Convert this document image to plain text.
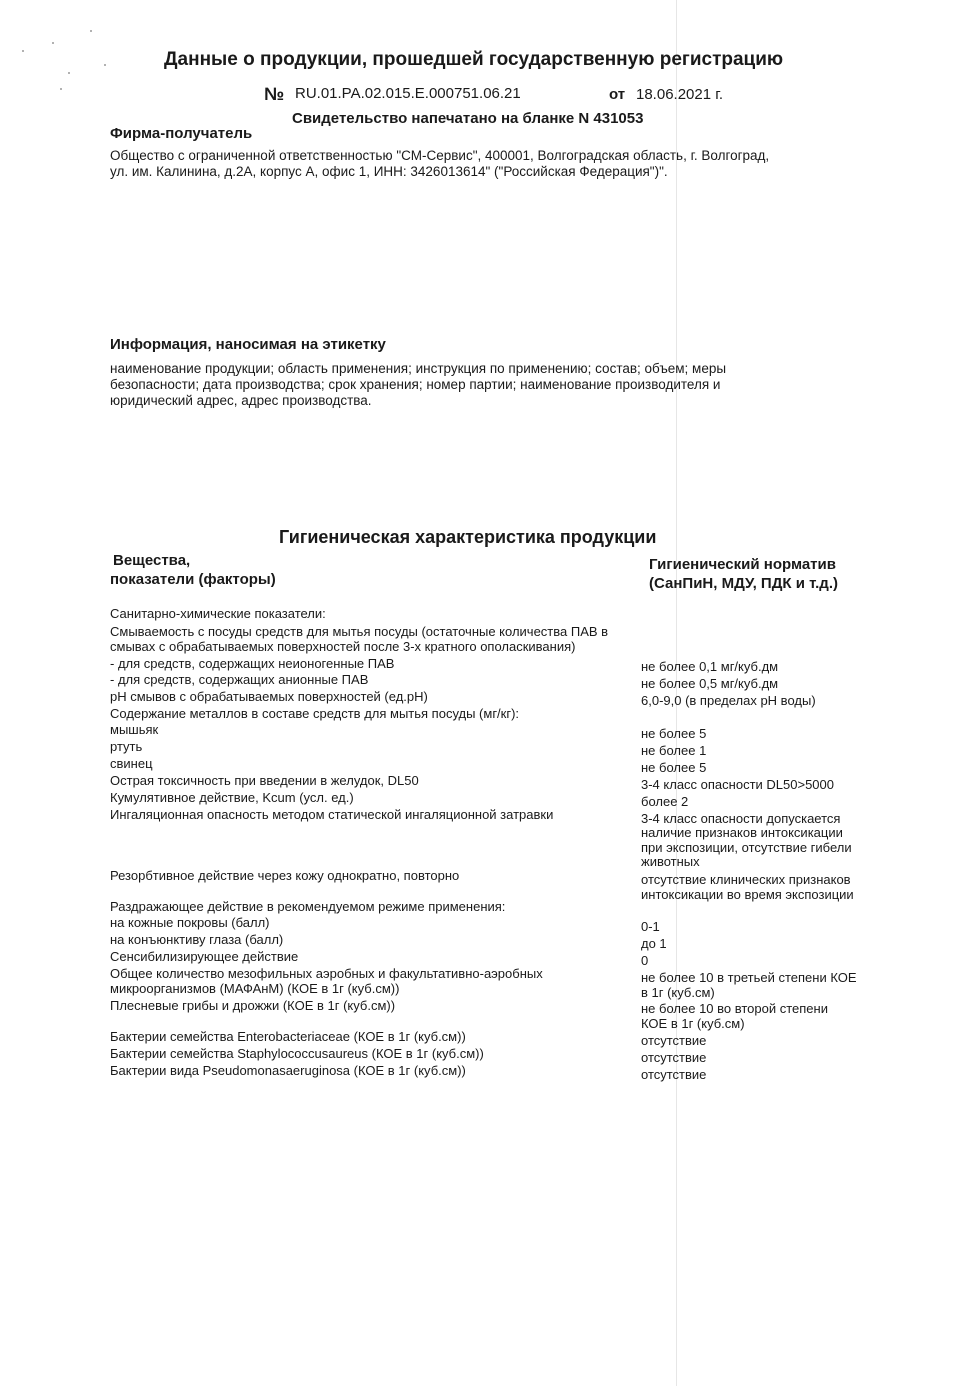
Данные о продукции, прошедшей государственную регистрацию
№ RU.01.PA.02.015.E.000751.06.21	от 18.06.2021 г.
Свидетельство напечатано на бланке N 431053
Фирма-получатель
Общество с ограниченной ответственностью "СМ-Сервис", 400001, Волгоградская область, г. Волгоград,
ул. им. Калинина, д.2А, корпус А, офис 1, ИНН: 3426013614" ("Российская Федерация")".
Информация, наносимая на этикетку
наименование продукции; область применения; инструкция по применению; состав; объем; меры
безопасности; дата производства; срок хранения; номер партии; наименование производителя и
юридический адрес, адрес производства.
Гигиеническая характеристика продукции
Вещества,
показатели (факторы)
Гигиенический норматив
(СанПиН, МДУ, ПДК и т.д.)
Санитарно-химические показатели:
Смываемость с посуды средств для мытья посуды (остаточные количества ПАВ в
смывах с обрабатываемых поверхностей после 3-х кратного ополаскивания)
- для средств, содержащих неионогенные ПАВ
- для средств, содержащих анионные ПАВ
pH смывов с обрабатываемых поверхностей (ед.pH)
Содержание металлов в составе средств для мытья посуды (мг/кг):
мышьяк
ртуть
свинец
Острая токсичность при введении в желудок, DL50
Кумулятивное действие, Kcum (усл. ед.)
Ингаляционная опасность методом статической ингаляционной затравки
Резорбтивное действие через кожу однократно, повторно
Раздражающее действие в рекомендуемом режиме применения:
на кожные покровы (балл)
на конъюнктиву глаза (балл)
Сенсибилизирующее действие
Общее количество мезофильных аэробных и факультативно-аэробных
микроорганизмов (МАФАнМ) (КОЕ в 1г (куб.см))
Плесневые грибы и дрожжи (КОЕ в 1г (куб.см))
Бактерии семейства Enterobacteriaceae (КОЕ в 1г (куб.см))
Бактерии семейства Staphylococcusaureus (КОЕ в 1г (куб.см))
Бактерии вида Pseudomonasaeruginosa (КОЕ в 1г (куб.см))
не более 0,1 мг/куб.дм
не более 0,5 мг/куб.дм
6,0-9,0 (в пределах pH воды)
не более 5
не более 1
не более 5
3-4 класс опасности DL50>5000
более 2
3-4 класс опасности допускается
наличие признаков интоксикации
при экспозиции, отсутствие гибели
животных
отсутствие клинических признаков
интоксикации во время экспозиции
0-1
до 1
0
не более 10 в третьей степени КОЕ
в 1г (куб.см)
не более 10 во второй степени
КОЕ в 1г (куб.см)
отсутствие
отсутствие
отсутствие
